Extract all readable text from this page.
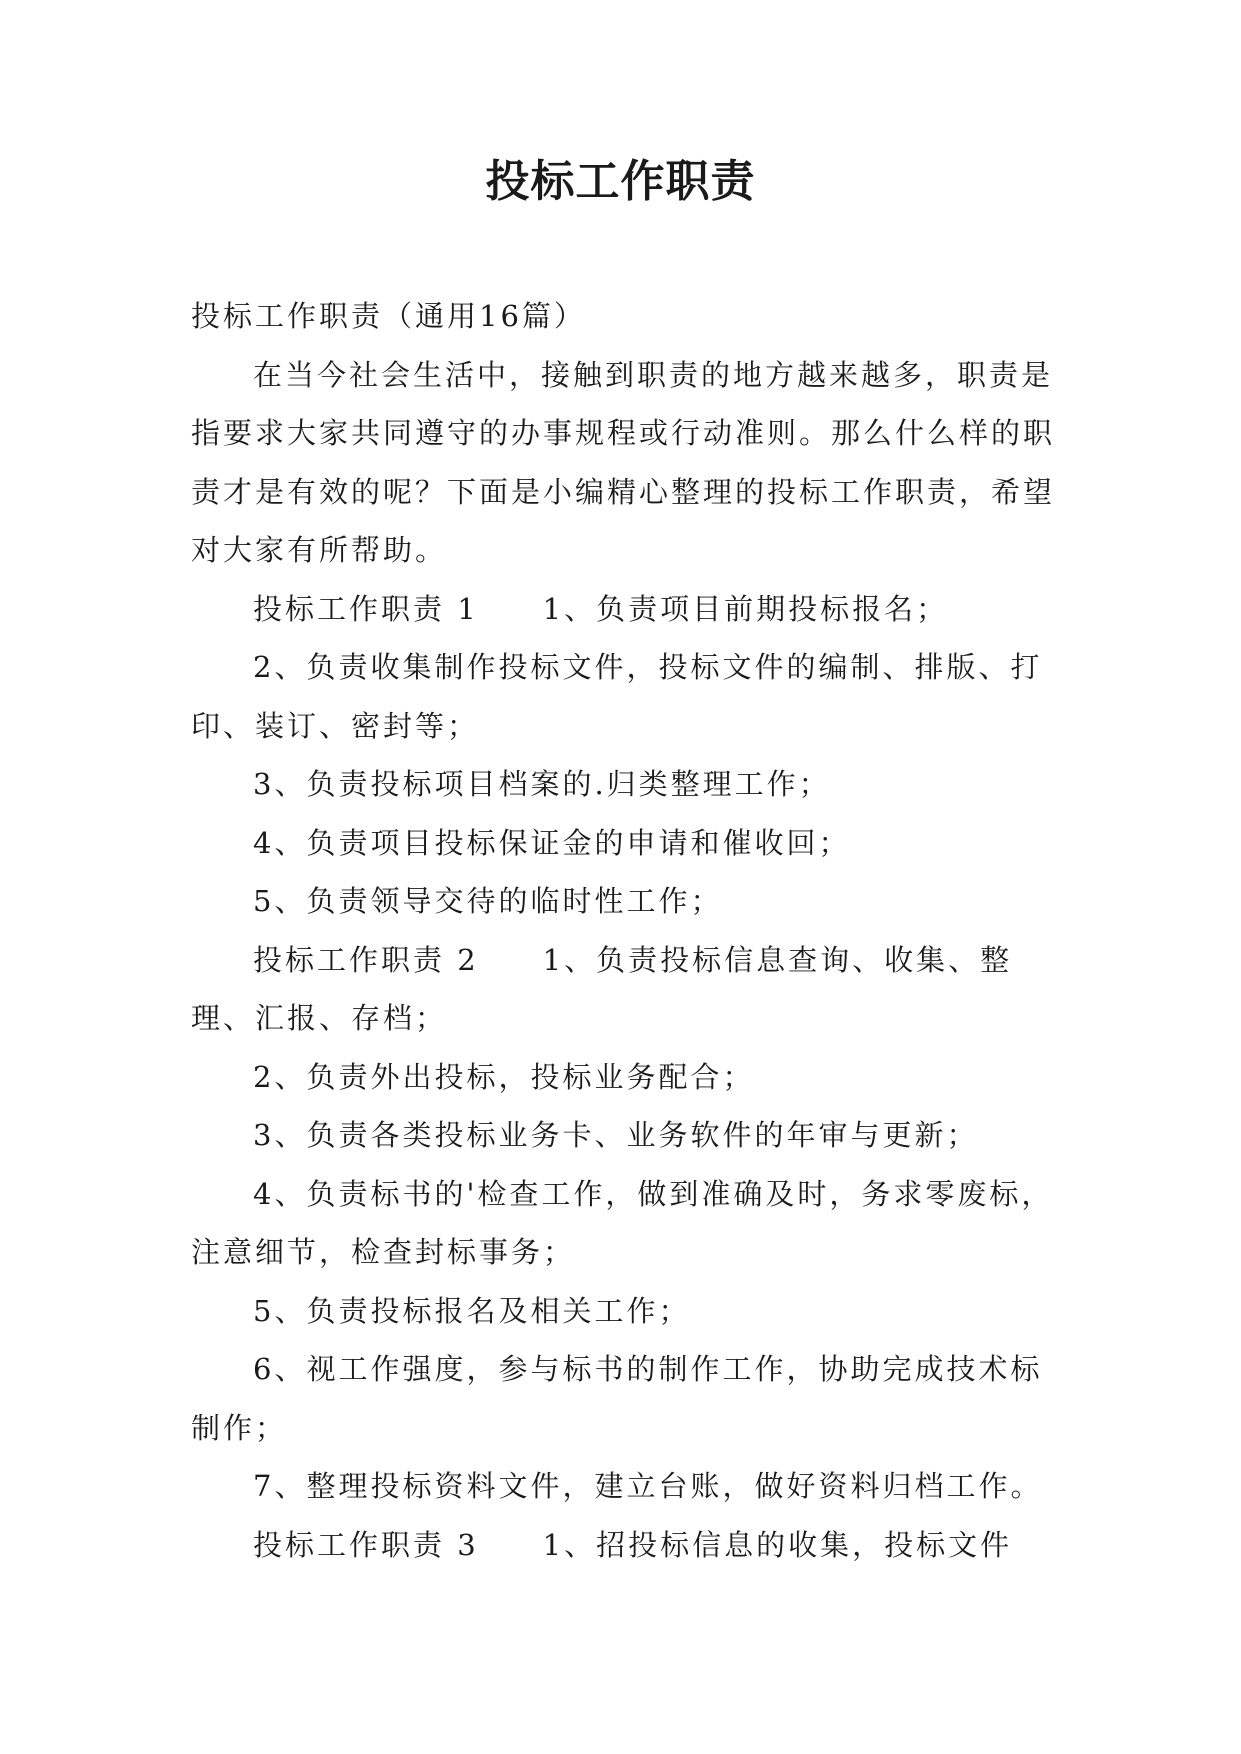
投标工作职责

投标工作职责（通用16篇）

在当今社会生活中，接触到职责的地方越来越多，职责是指要求大家共同遵守的办事规程或行动准则。那么什么样的职责才是有效的呢？下面是小编精心整理的投标工作职责，希望对大家有所帮助。

投标工作职责 1　　1、负责项目前期投标报名；

2、负责收集制作投标文件，投标文件的编制、排版、打印、装订、密封等；

3、负责投标项目档案的.归类整理工作；

4、负责项目投标保证金的申请和催收回；

5、负责领导交待的临时性工作；

投标工作职责 2　　1、负责投标信息查询、收集、整理、汇报、存档；

2、负责外出投标，投标业务配合；

3、负责各类投标业务卡、业务软件的年审与更新；

4、负责标书的'检查工作，做到准确及时，务求零废标，注意细节，检查封标事务；

5、负责投标报名及相关工作；

6、视工作强度，参与标书的制作工作，协助完成技术标制作；

7、整理投标资料文件，建立台账，做好资料归档工作。

投标工作职责 3　　1、招投标信息的收集，投标文件
